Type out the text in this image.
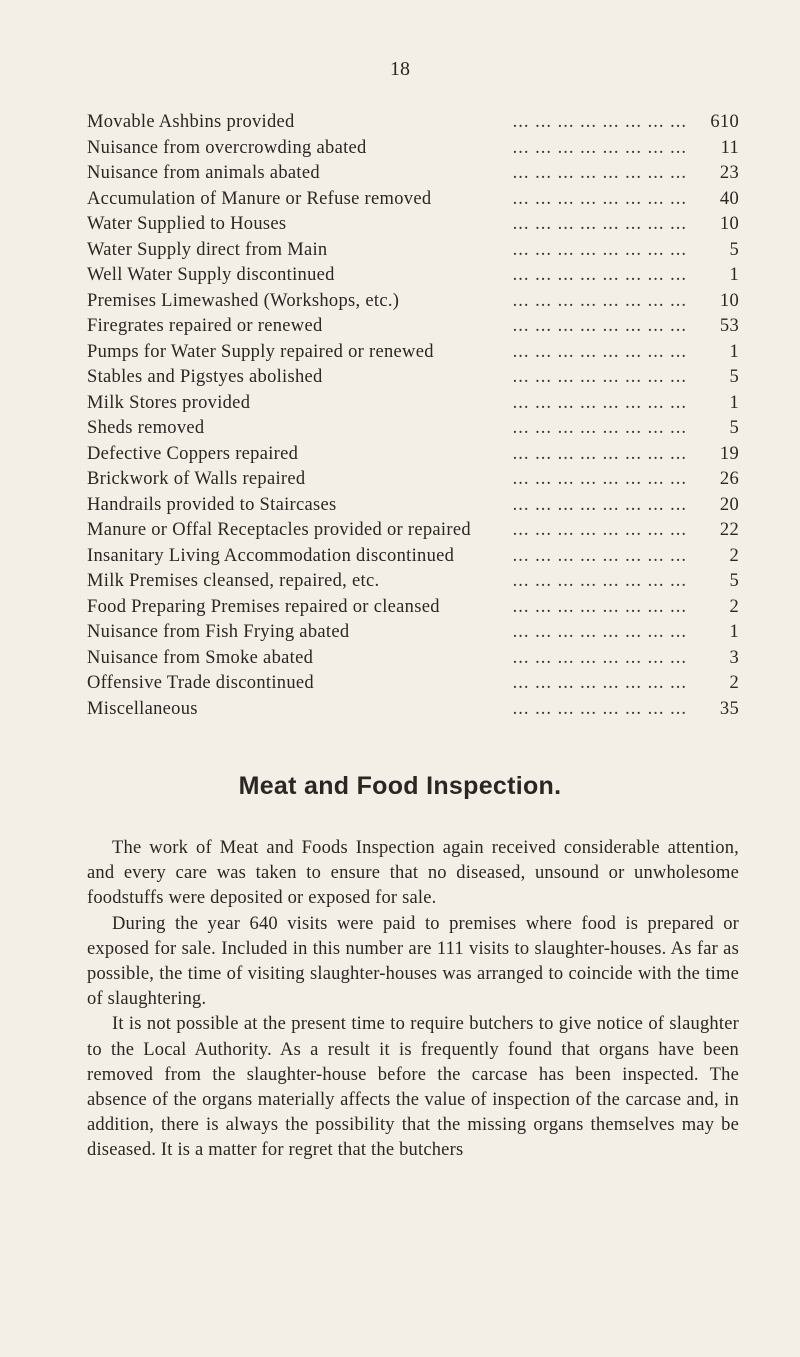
18
Movable Ashbins provided	... ... ... ... ... ... ... ...	610
Nuisance from overcrowding abated	... ... ... ... ... ... ... ...	11
Nuisance from animals abated	... ... ... ... ... ... ... ...	23
Accumulation of Manure or Refuse removed	... ... ... ... ... ... ... ...	40
Water Supplied to Houses	... ... ... ... ... ... ... ...	10
Water Supply direct from Main	... ... ... ... ... ... ... ...	5
Well Water Supply discontinued	... ... ... ... ... ... ... ...	1
Premises Limewashed (Workshops, etc.)	... ... ... ... ... ... ... ...	10
Firegrates repaired or renewed	... ... ... ... ... ... ... ...	53
Pumps for Water Supply repaired or renewed	... ... ... ... ... ... ... ...	1
Stables and Pigstyes abolished	... ... ... ... ... ... ... ...	5
Milk Stores provided	... ... ... ... ... ... ... ...	1
Sheds removed	... ... ... ... ... ... ... ...	5
Defective Coppers repaired	... ... ... ... ... ... ... ...	19
Brickwork of Walls repaired	... ... ... ... ... ... ... ...	26
Handrails provided to Staircases	... ... ... ... ... ... ... ...	20
Manure or Offal Receptacles provided or repaired	... ... ... ... ... ... ... ...	22
Insanitary Living Accommodation discontinued	... ... ... ... ... ... ... ...	2
Milk Premises cleansed, repaired, etc.	... ... ... ... ... ... ... ...	5
Food Preparing Premises repaired or cleansed	... ... ... ... ... ... ... ...	2
Nuisance from Fish Frying abated	... ... ... ... ... ... ... ...	1
Nuisance from Smoke abated	... ... ... ... ... ... ... ...	3
Offensive Trade discontinued	... ... ... ... ... ... ... ...	2
Miscellaneous	... ... ... ... ... ... ... ...	35
Meat and Food Inspection.

The work of Meat and Foods Inspection again received considerable attention, and every care was taken to ensure that no diseased, unsound or unwholesome foodstuffs were deposited or exposed for sale.

During the year 640 visits were paid to premises where food is prepared or exposed for sale. Included in this number are 111 visits to slaughter-houses. As far as possible, the time of visiting slaughter-houses was arranged to coincide with the time of slaughtering.

It is not possible at the present time to require butchers to give notice of slaughter to the Local Authority. As a result it is frequently found that organs have been removed from the slaughter-house before the carcase has been inspected. The absence of the organs materially affects the value of inspection of the carcase and, in addition, there is always the possibility that the missing organs themselves may be diseased. It is a matter for regret that the butchers
